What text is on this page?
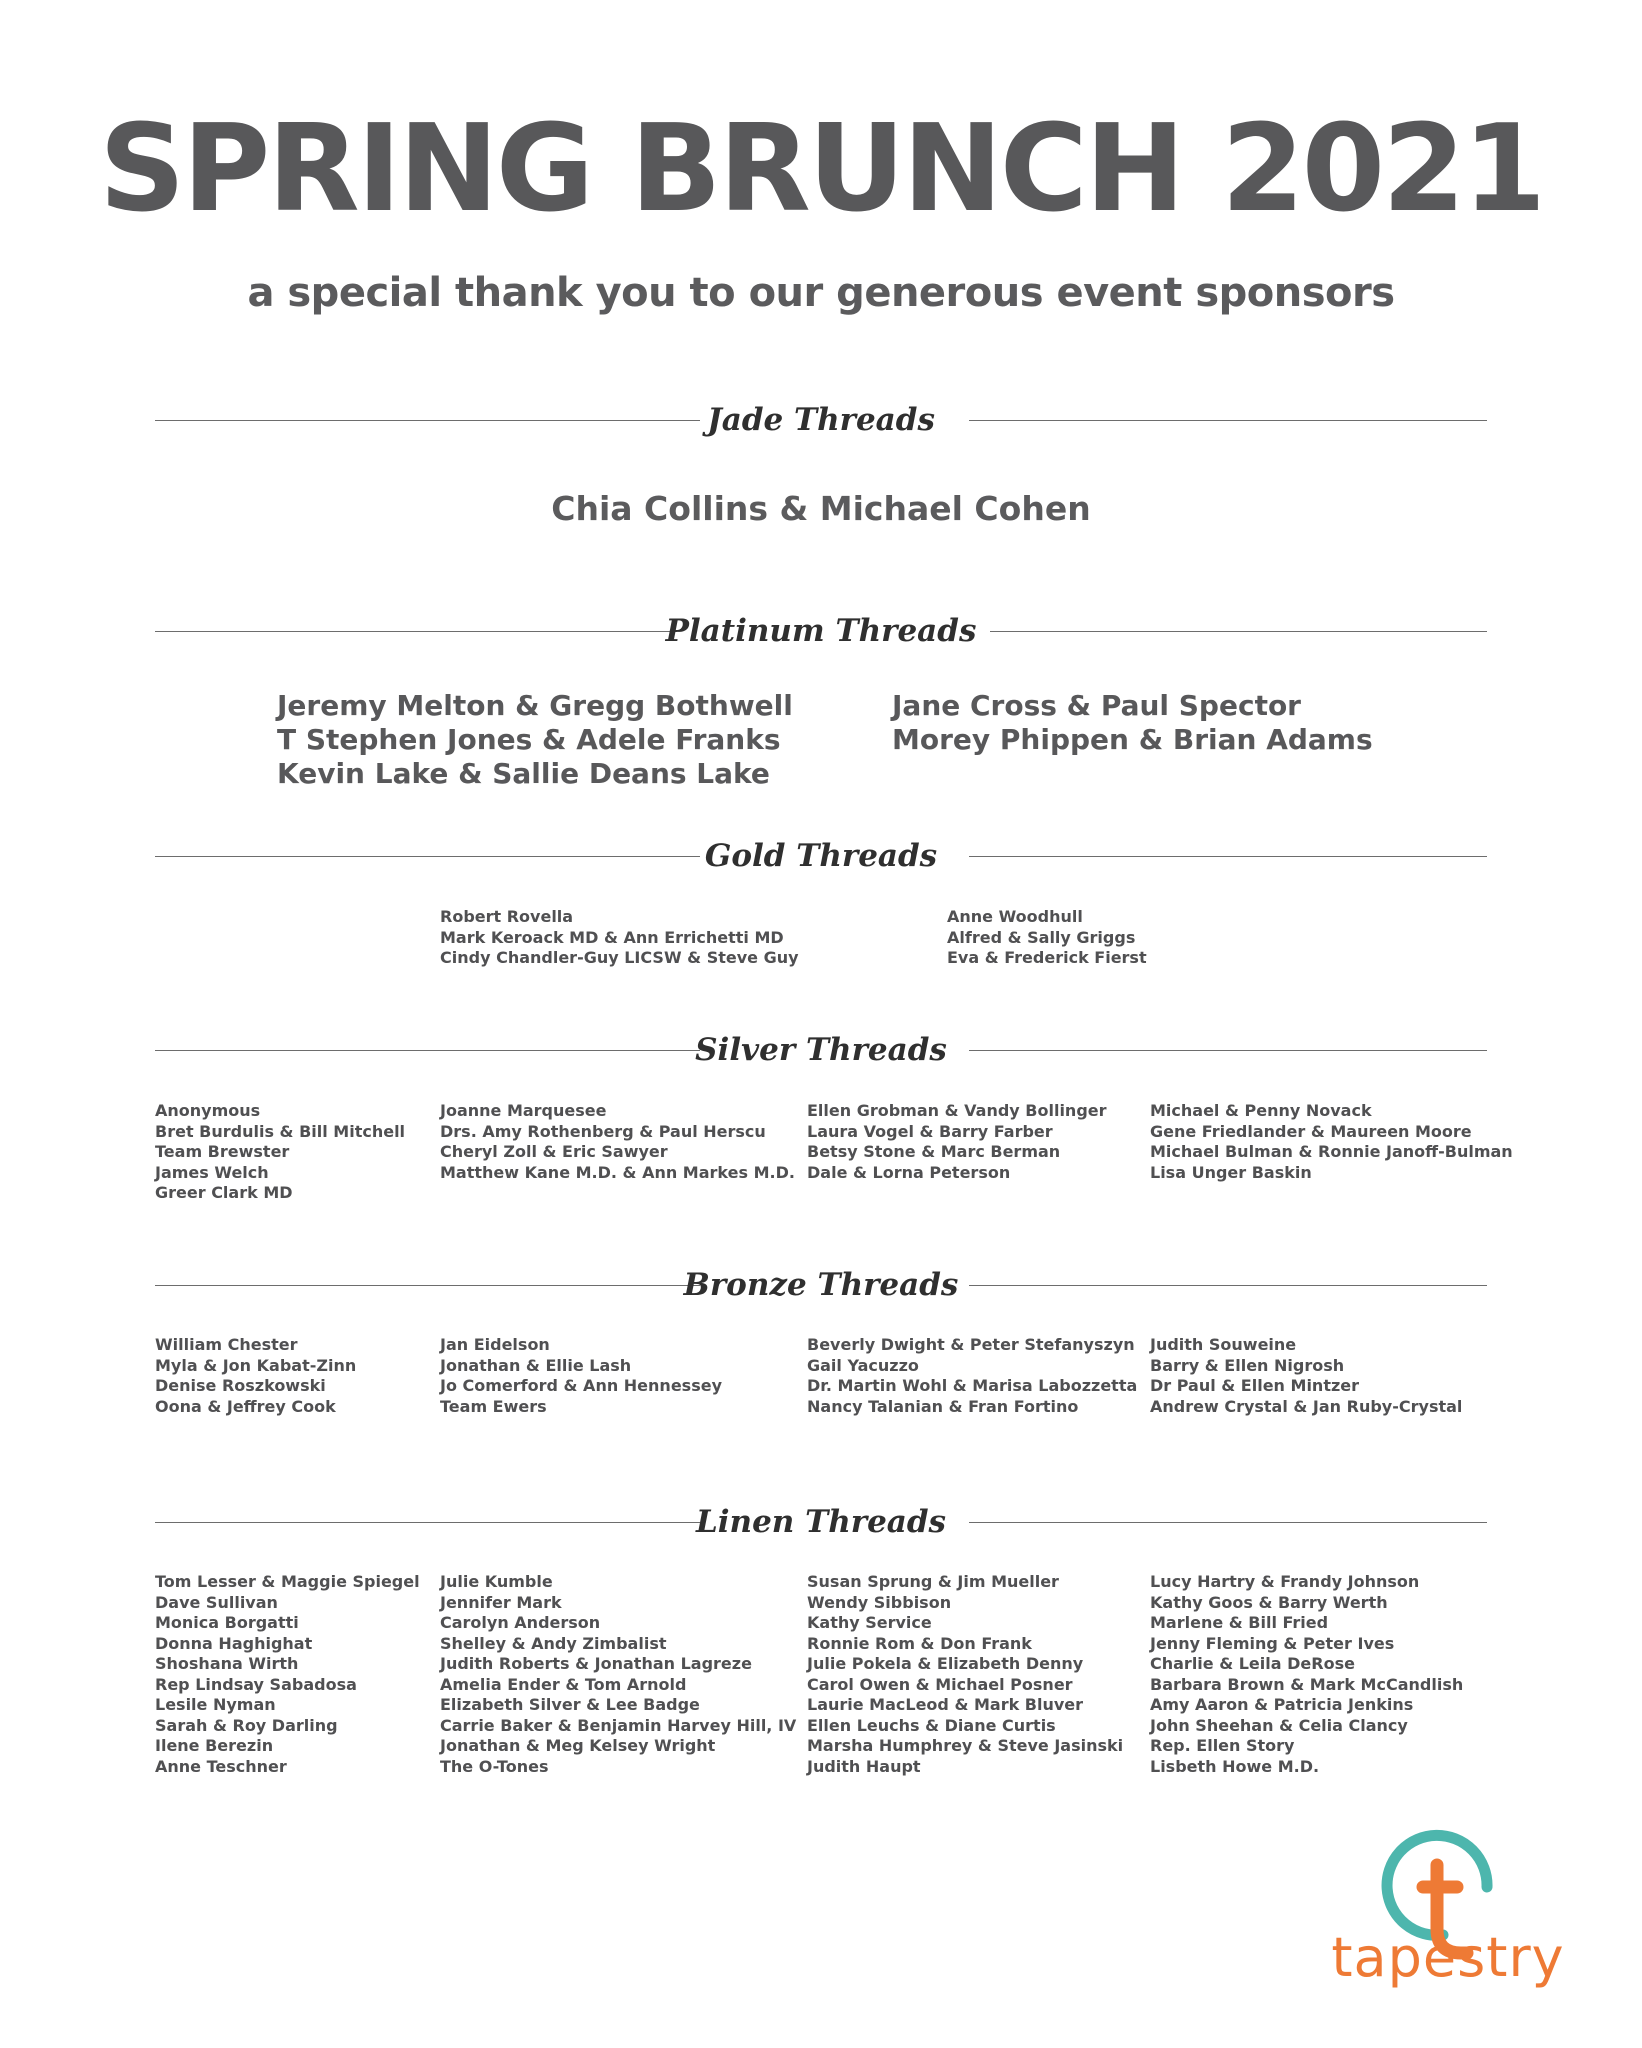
SPRING BRUNCH 2021
a special thank you to our generous event sponsors
Jade Threads
Chia Collins & Michael Cohen
Platinum Threads
Jeremy Melton & Gregg Bothwell
T Stephen Jones & Adele Franks
Kevin Lake & Sallie Deans Lake
Jane Cross & Paul Spector
Morey Phippen & Brian Adams
Gold Threads
Robert Rovella
Mark Keroack MD & Ann Errichetti MD
Cindy Chandler-Guy LICSW & Steve Guy
Anne Woodhull
Alfred & Sally Griggs
Eva & Frederick Fierst
Silver Threads
Anonymous
Bret Burdulis & Bill Mitchell
Team Brewster
James Welch
Greer Clark MD
Joanne Marquesee
Drs. Amy Rothenberg & Paul Herscu
Cheryl Zoll & Eric Sawyer
Matthew Kane M.D. & Ann Markes M.D.
Ellen Grobman & Vandy Bollinger
Laura Vogel & Barry Farber
Betsy Stone & Marc Berman
Dale & Lorna Peterson
Michael & Penny Novack
Gene Friedlander & Maureen Moore
Michael Bulman & Ronnie Janoff-Bulman
Lisa Unger Baskin
Bronze Threads
William Chester
Myla & Jon Kabat-Zinn
Denise Roszkowski
Oona & Jeffrey Cook
Jan Eidelson
Jonathan & Ellie Lash
Jo Comerford & Ann Hennessey
Team Ewers
Beverly Dwight & Peter Stefanyszyn
Gail Yacuzzo
Dr. Martin Wohl & Marisa Labozzetta
Nancy Talanian & Fran Fortino
Judith Souweine
Barry & Ellen Nigrosh
Dr Paul & Ellen Mintzer
Andrew Crystal & Jan Ruby-Crystal
Linen Threads
Tom Lesser & Maggie Spiegel
Dave Sullivan
Monica Borgatti
Donna Haghighat
Shoshana Wirth
Rep Lindsay Sabadosa
Lesile Nyman
Sarah & Roy Darling
Ilene Berezin
Anne Teschner
Julie Kumble
Jennifer Mark
Carolyn Anderson
Shelley & Andy Zimbalist
Judith Roberts & Jonathan Lagreze
Amelia Ender & Tom Arnold
Elizabeth Silver & Lee Badge
Carrie Baker & Benjamin Harvey Hill, IV
Jonathan & Meg Kelsey Wright
The O-Tones
Susan Sprung & Jim Mueller
Wendy Sibbison
Kathy Service
Ronnie Rom & Don Frank
Julie Pokela & Elizabeth Denny
Carol Owen & Michael Posner
Laurie MacLeod & Mark Bluver
Ellen Leuchs & Diane Curtis
Marsha Humphrey & Steve Jasinski
Judith Haupt
Lucy Hartry & Frandy Johnson
Kathy Goos & Barry Werth
Marlene & Bill Fried
Jenny Fleming & Peter Ives
Charlie & Leila DeRose
Barbara Brown & Mark McCandlish
Amy Aaron & Patricia Jenkins
John Sheehan & Celia Clancy
Rep. Ellen Story
Lisbeth Howe M.D.
tapestry
